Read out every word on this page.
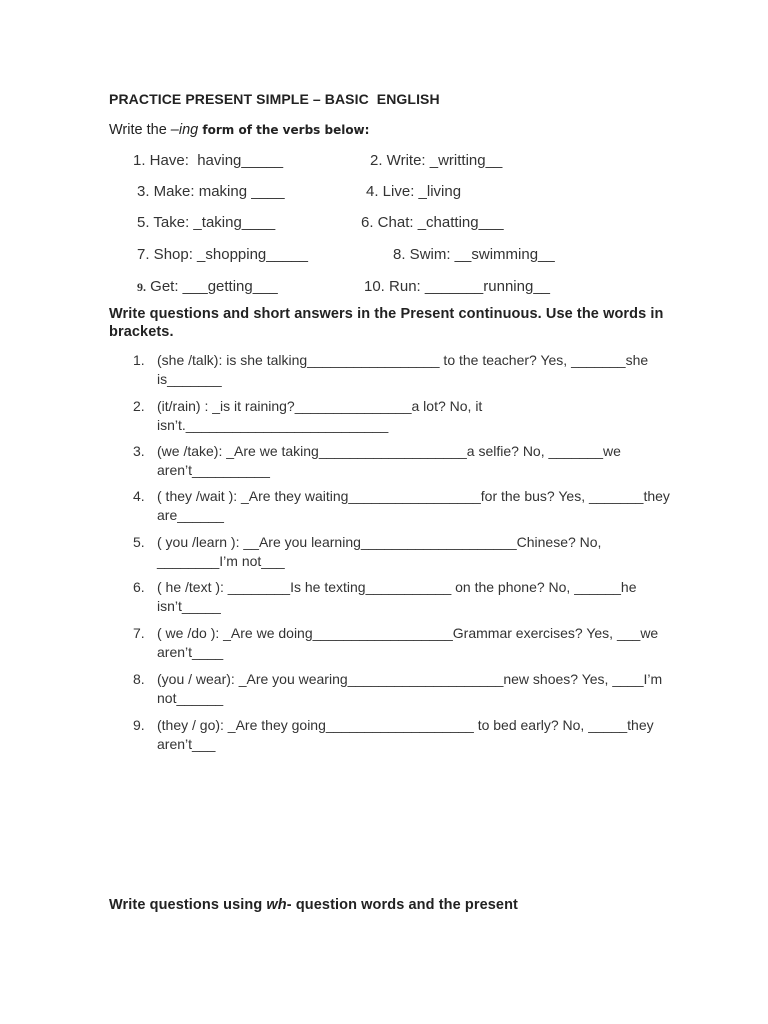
PRACTICE PRESENT SIMPLE – BASIC  ENGLISH
Write the –ing form of the verbs below:
1. Have:  having_____	2. Write: _writting__
3. Make: making ____	4. Live: _living
5. Take: _taking____	6. Chat: _chatting___
7. Shop: _shopping_____	8. Swim: __swimming__
9. Get: ___getting___	10. Run: _______running__
Write questions and short answers in the Present continuous. Use the words in brackets.
1. (she /talk): is she talking_________________ to the teacher? Yes, _______she is_______
2. (it/rain) : _is it raining?_______________a lot? No, it isn’t.__________________________
3. (we /take): _Are we taking___________________a selfie? No, _______we aren’t__________
4. ( they /wait ): _Are they waiting_________________for the bus? Yes, _______they are______
5. ( you /learn ): __Are you learning____________________Chinese? No, ________I’m not___
6. ( he /text ): ________Is he texting___________ on the phone? No, ______he isn’t_____
7. ( we /do ): _Are we doing__________________Grammar exercises? Yes, ___we aren’t____
8. (you / wear): _Are you wearing____________________new shoes? Yes, ____I’m not______
9. (they / go): _Are they going___________________ to bed early? No, _____they aren’t___
Write questions using wh- question words and the present
